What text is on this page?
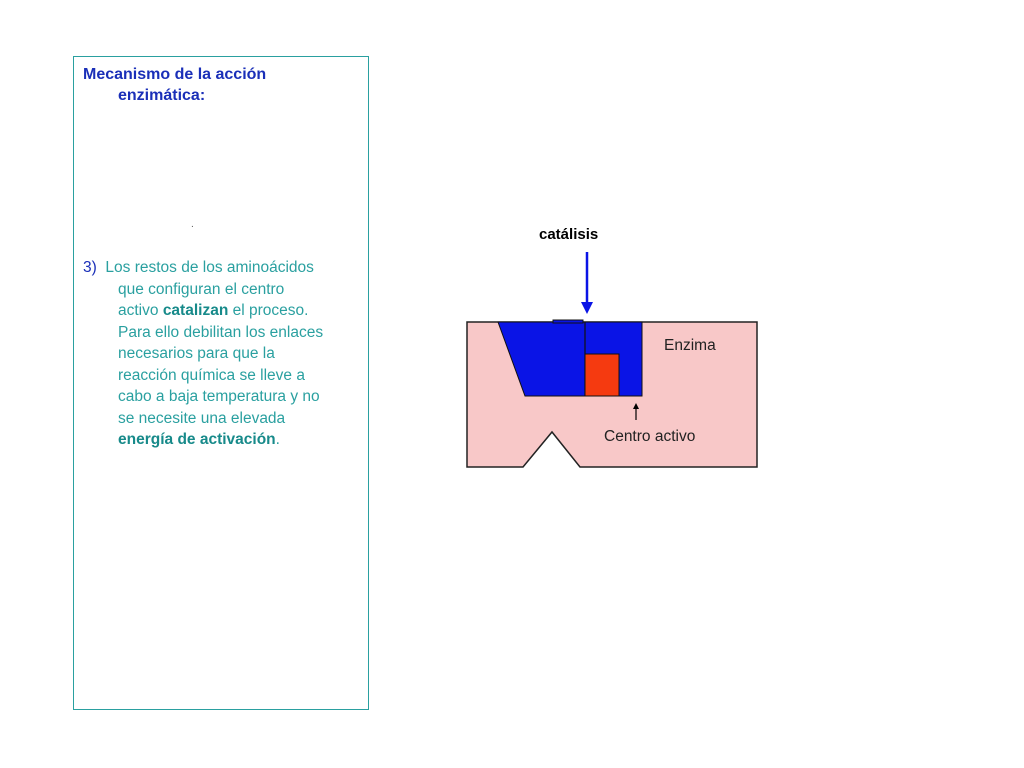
Mecanismo de la acción
enzimática:
.
3) Los restos de los aminoácidos
que configuran el centro
activo catalizan el proceso.
Para ello debilitan los enlaces
necesarios para que la
reacción química se lleve a
cabo a baja temperatura y no
se necesite una elevada
energía de activación.
catálisis
Enzima
Centro activo
